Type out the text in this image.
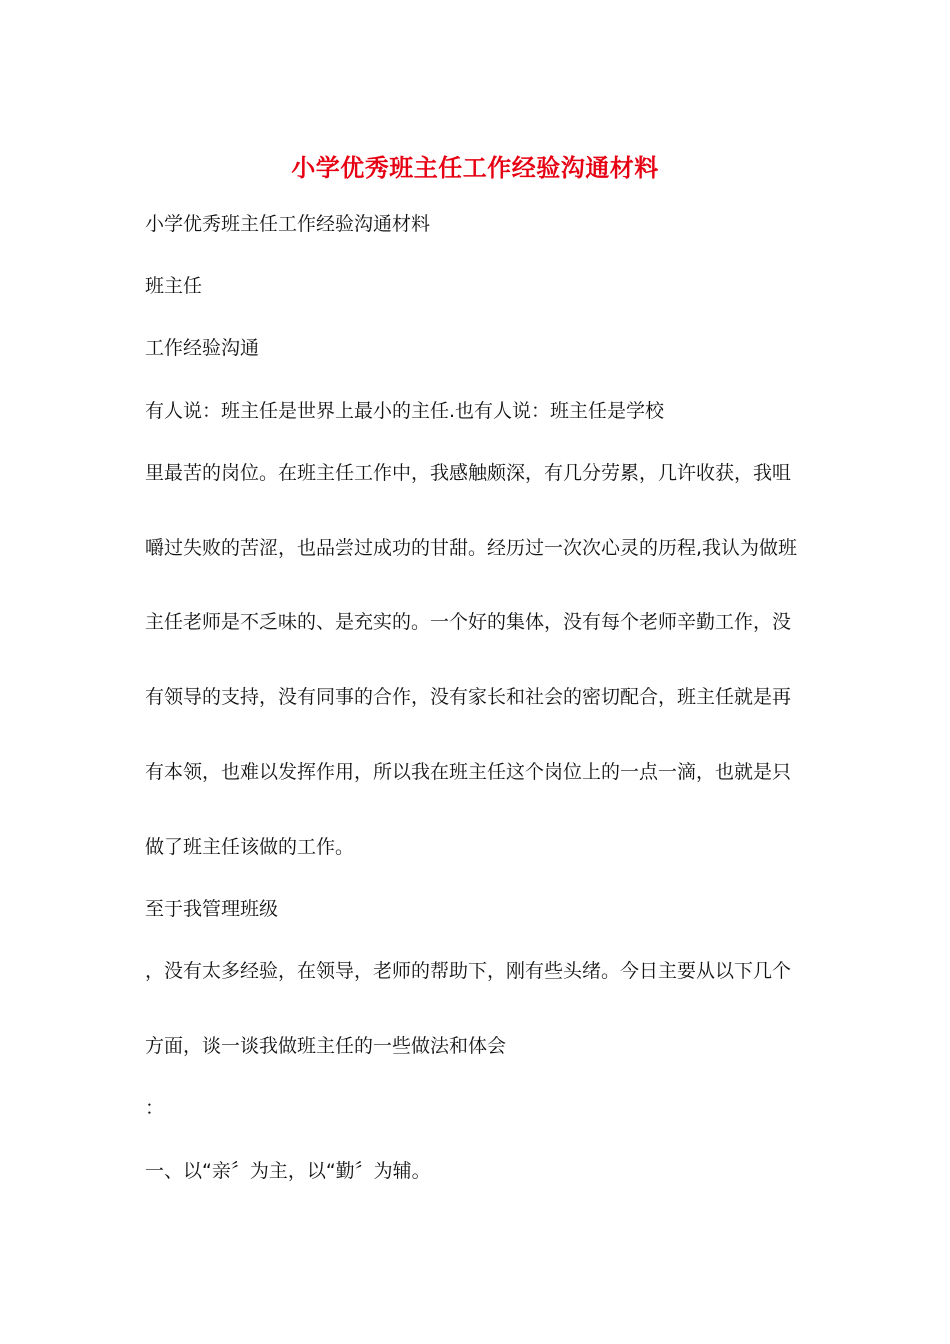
小学优秀班主任工作经验沟通材料
小学优秀班主任工作经验沟通材料
班主任
工作经验沟通
有人说：班主任是世界上最小的主任.也有人说：班主任是学校
里最苦的岗位。在班主任工作中，我感触颇深，有几分劳累，几许收获，我咀
嚼过失败的苦涩，也品尝过成功的甘甜。经历过一次次心灵的历程,我认为做班
主任老师是不乏味的、是充实的。一个好的集体，没有每个老师辛勤工作，没
有领导的支持，没有同事的合作，没有家长和社会的密切配合，班主任就是再
有本领，也难以发挥作用，所以我在班主任这个岗位上的一点一滴，也就是只
做了班主任该做的工作。
至于我管理班级
，没有太多经验，在领导，老师的帮助下，刚有些头绪。今日主要从以下几个
方面，谈一谈我做班主任的一些做法和体会
：
一、以“亲〞为主，以“勤〞为辅。
